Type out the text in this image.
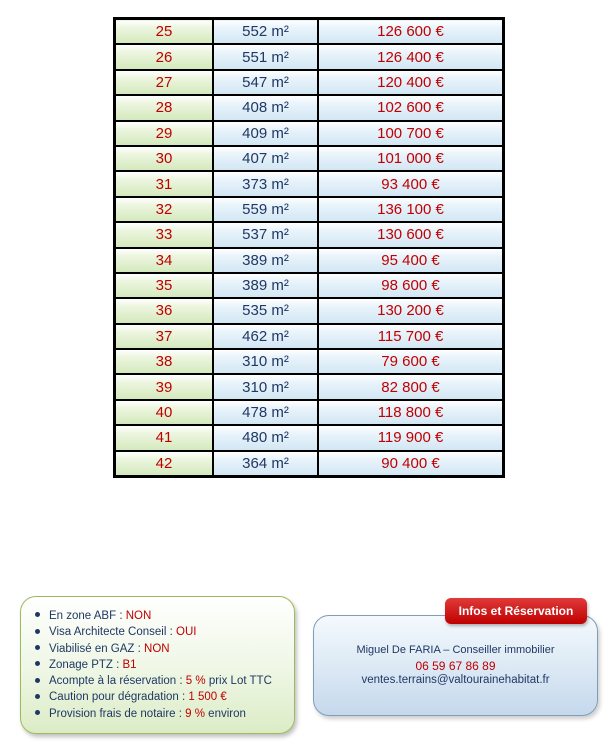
25	552 m²	126 600 €
26	551 m²	126 400 €
27	547 m²	120 400 €
28	408 m²	102 600 €
29	409 m²	100 700 €
30	407 m²	101 000 €
31	373 m²	93 400 €
32	559 m²	136 100 €
33	537 m²	130 600 €
34	389 m²	95 400 €
35	389 m²	98 600 €
36	535 m²	130 200 €
37	462 m²	115 700 €
38	310 m²	79 600 €
39	310 m²	82 800 €
40	478 m²	118 800 €
41	480 m²	119 900 €
42	364 m²	90 400 €
En zone ABF : NON
Visa Architecte Conseil : OUI
Viabilisé en GAZ : NON
Zonage PTZ : B1
Acompte à la réservation : 5 % prix Lot TTC
Caution pour dégradation : 1 500 €
Provision frais de notaire : 9 % environ
Miguel De FARIA – Conseiller immobilier
06 59 67 86 89
ventes.terrains@valtourainehabitat.fr
Infos et Réservation
